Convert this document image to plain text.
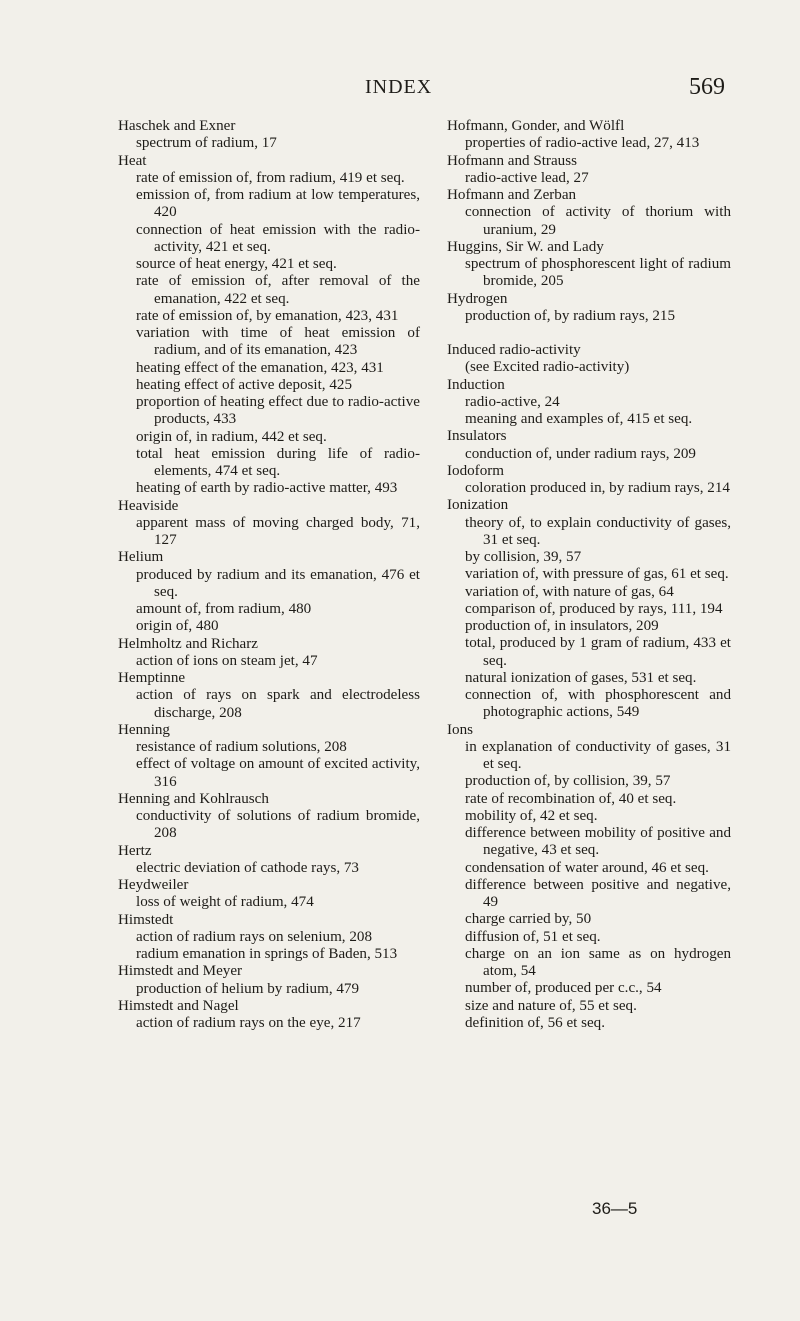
INDEX	569
Haschek and Exner
spectrum of radium, 17
Heat
rate of emission of, from radium, 419 et seq.
emission of, from radium at low temperatures, 420
connection of heat emission with the radio-activity, 421 et seq.
source of heat energy, 421 et seq.
rate of emission of, after removal of the emanation, 422 et seq.
rate of emission of, by emanation, 423, 431
variation with time of heat emission of radium, and of its emanation, 423
heating effect of the emanation, 423, 431
heating effect of active deposit, 425
proportion of heating effect due to radio-active products, 433
origin of, in radium, 442 et seq.
total heat emission during life of radio-elements, 474 et seq.
heating of earth by radio-active matter, 493
Heaviside
apparent mass of moving charged body, 71, 127
Helium
produced by radium and its emanation, 476 et seq.
amount of, from radium, 480
origin of, 480
Helmholtz and Richarz
action of ions on steam jet, 47
Hemptinne
action of rays on spark and electrodeless discharge, 208
Henning
resistance of radium solutions, 208
effect of voltage on amount of excited activity, 316
Henning and Kohlrausch
conductivity of solutions of radium bromide, 208
Hertz
electric deviation of cathode rays, 73
Heydweiler
loss of weight of radium, 474
Himstedt
action of radium rays on selenium, 208
radium emanation in springs of Baden, 513
Himstedt and Meyer
production of helium by radium, 479
Himstedt and Nagel
action of radium rays on the eye, 217
Hofmann, Gonder, and Wölfl
properties of radio-active lead, 27, 413
Hofmann and Strauss
radio-active lead, 27
Hofmann and Zerban
connection of activity of thorium with uranium, 29
Huggins, Sir W. and Lady
spectrum of phosphorescent light of radium bromide, 205
Hydrogen
production of, by radium rays, 215
Induced radio-activity
(see Excited radio-activity)
Induction
radio-active, 24
meaning and examples of, 415 et seq.
Insulators
conduction of, under radium rays, 209
Iodoform
coloration produced in, by radium rays, 214
Ionization
theory of, to explain conductivity of gases, 31 et seq.
by collision, 39, 57
variation of, with pressure of gas, 61 et seq.
variation of, with nature of gas, 64
comparison of, produced by rays, 111, 194
production of, in insulators, 209
total, produced by 1 gram of radium, 433 et seq.
natural ionization of gases, 531 et seq.
connection of, with phosphorescent and photographic actions, 549
Ions
in explanation of conductivity of gases, 31 et seq.
production of, by collision, 39, 57
rate of recombination of, 40 et seq.
mobility of, 42 et seq.
difference between mobility of positive and negative, 43 et seq.
condensation of water around, 46 et seq.
difference between positive and negative, 49
charge carried by, 50
diffusion of, 51 et seq.
charge on an ion same as on hydrogen atom, 54
number of, produced per c.c., 54
size and nature of, 55 et seq.
definition of, 56 et seq.
36—5
